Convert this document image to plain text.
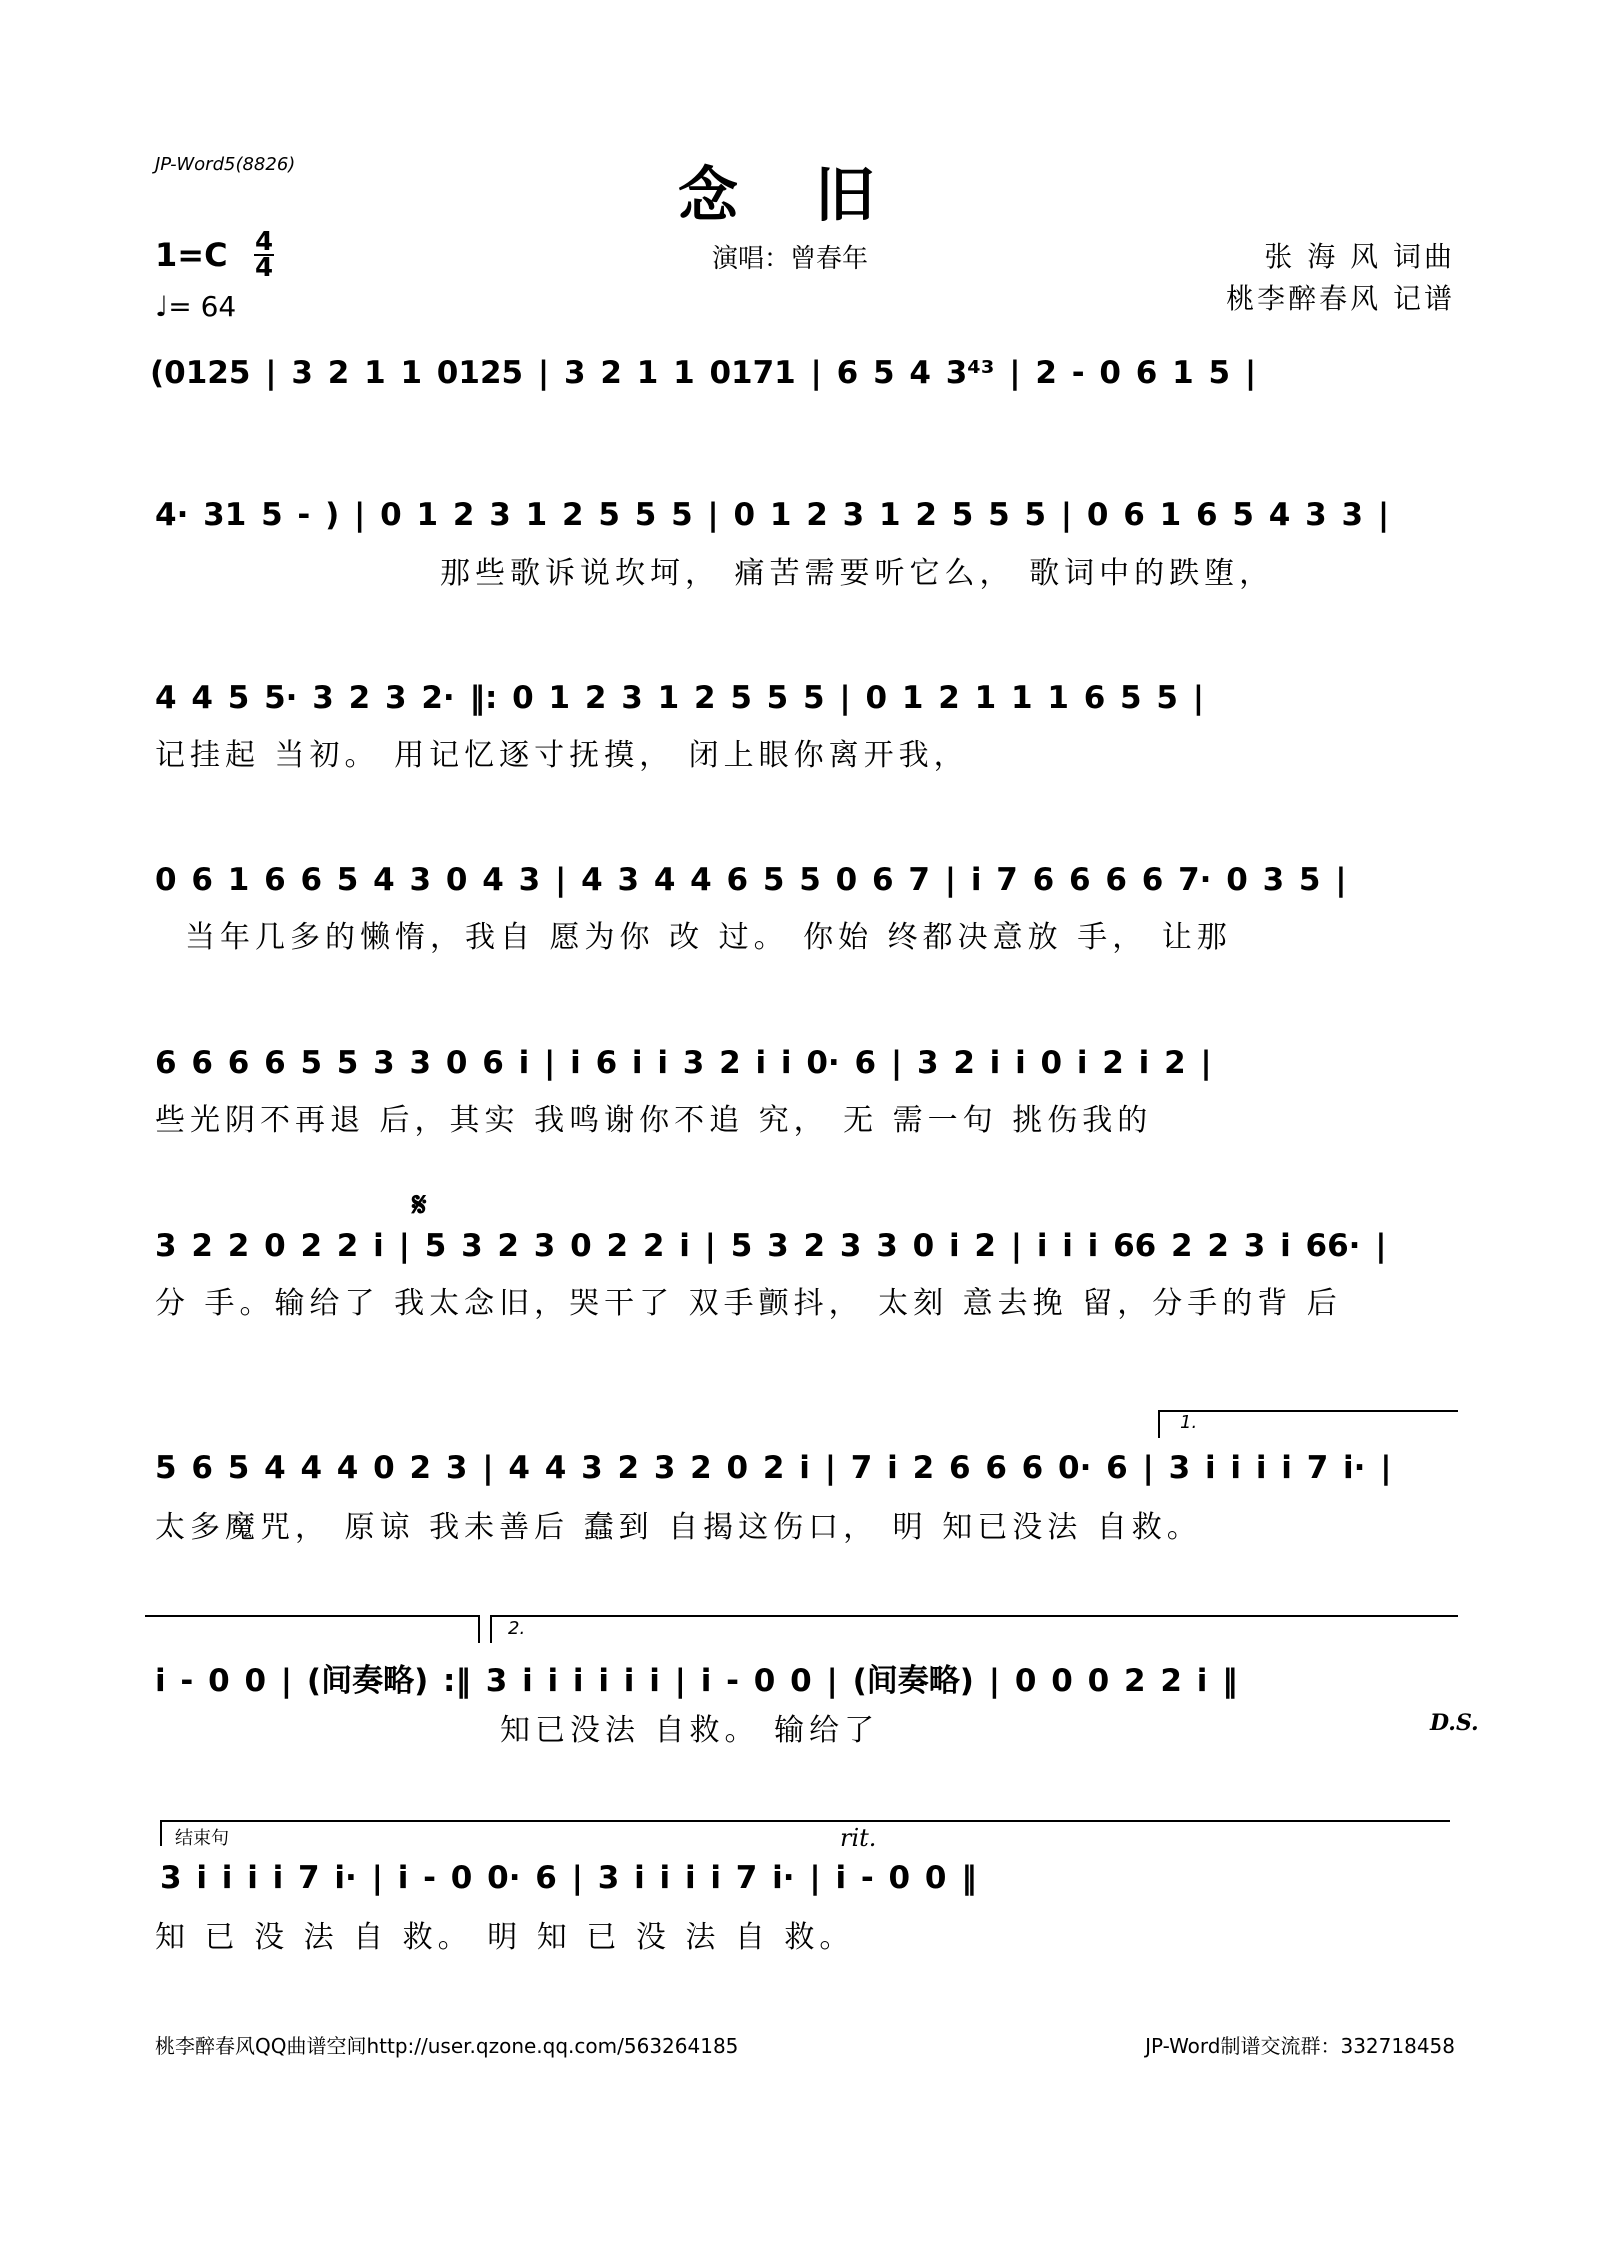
JP-Word5(8826)	念 旧
演唱：曾春年	张 海 风 词曲
桃李醉春风 记谱
1=C 4
4
♩= 64
(0125 | 3 2 1 1 0125 | 3 2 1 1 0171 | 6 5 4 3⁴³ | 2 - 0 6 1 5 |
4· 31 5 - ) | 0 1 2 3 1 2 5 5 5 | 0 1 2 3 1 2 5 5 5 | 0 6 1 6 5 4 3 3 |
那些歌诉说坎坷， 痛苦需要听它么， 歌词中的跌堕，
4 4 5 5· 3 2 3 2· ‖: 0 1 2 3 1 2 5 5 5 | 0 1 2 1 1 1 6 5 5 |
记挂起 当初。 用记忆逐寸抚摸， 闭上眼你离开我，
0 6 1 6 6 5 4 3 0 4 3 | 4 3 4 4 6 5 5 0 6 7 | i 7 6 6 6 6 7· 0 3 5 |
当年几多的懒惰，我自 愿为你 改 过。 你始 终都决意放 手， 让那
6 6 6 6 5 5 3 3 0 6 i | i 6 i i 3 2 i i 0· 6 | 3 2 i i 0 i 2 i 2 |
些光阴不再退 后，其实 我鸣谢你不追 究， 无 需一句 挑伤我的
𝄋
3 2 2 0 2 2 i | 5 3 2 3 0 2 2 i | 5 3 2 3 3 0 i 2 | i i i 66 2 2 3 i 66· |
分 手。输给了 我太念旧，哭干了 双手颤抖， 太刻 意去挽 留，分手的背 后
1.
5 6 5 4 4 4 0 2 3 | 4 4 3 2 3 2 0 2 i | 7 i 2 6 6 6 0· 6 | 3 i i i i 7 i· |
太多魔咒， 原谅 我未善后 蠢到 自揭这伤口， 明 知已没法 自救。
2.
i - 0 0 | (间奏略) :‖ 3 i i i i i i | i - 0 0 | (间奏略) | 0 0 0 2 2 i ‖
知已没法 自救。 输给了	D.S.
结束句	rit.
3 i i i i 7 i· | i - 0 0· 6 | 3 i i i i 7 i· | i - 0 0 ‖
知 已 没 法 自 救。 明 知 已 没 法 自 救。
桃李醉春风QQ曲谱空间http://user.qzone.qq.com/563264185	JP-Word制谱交流群：332718458
